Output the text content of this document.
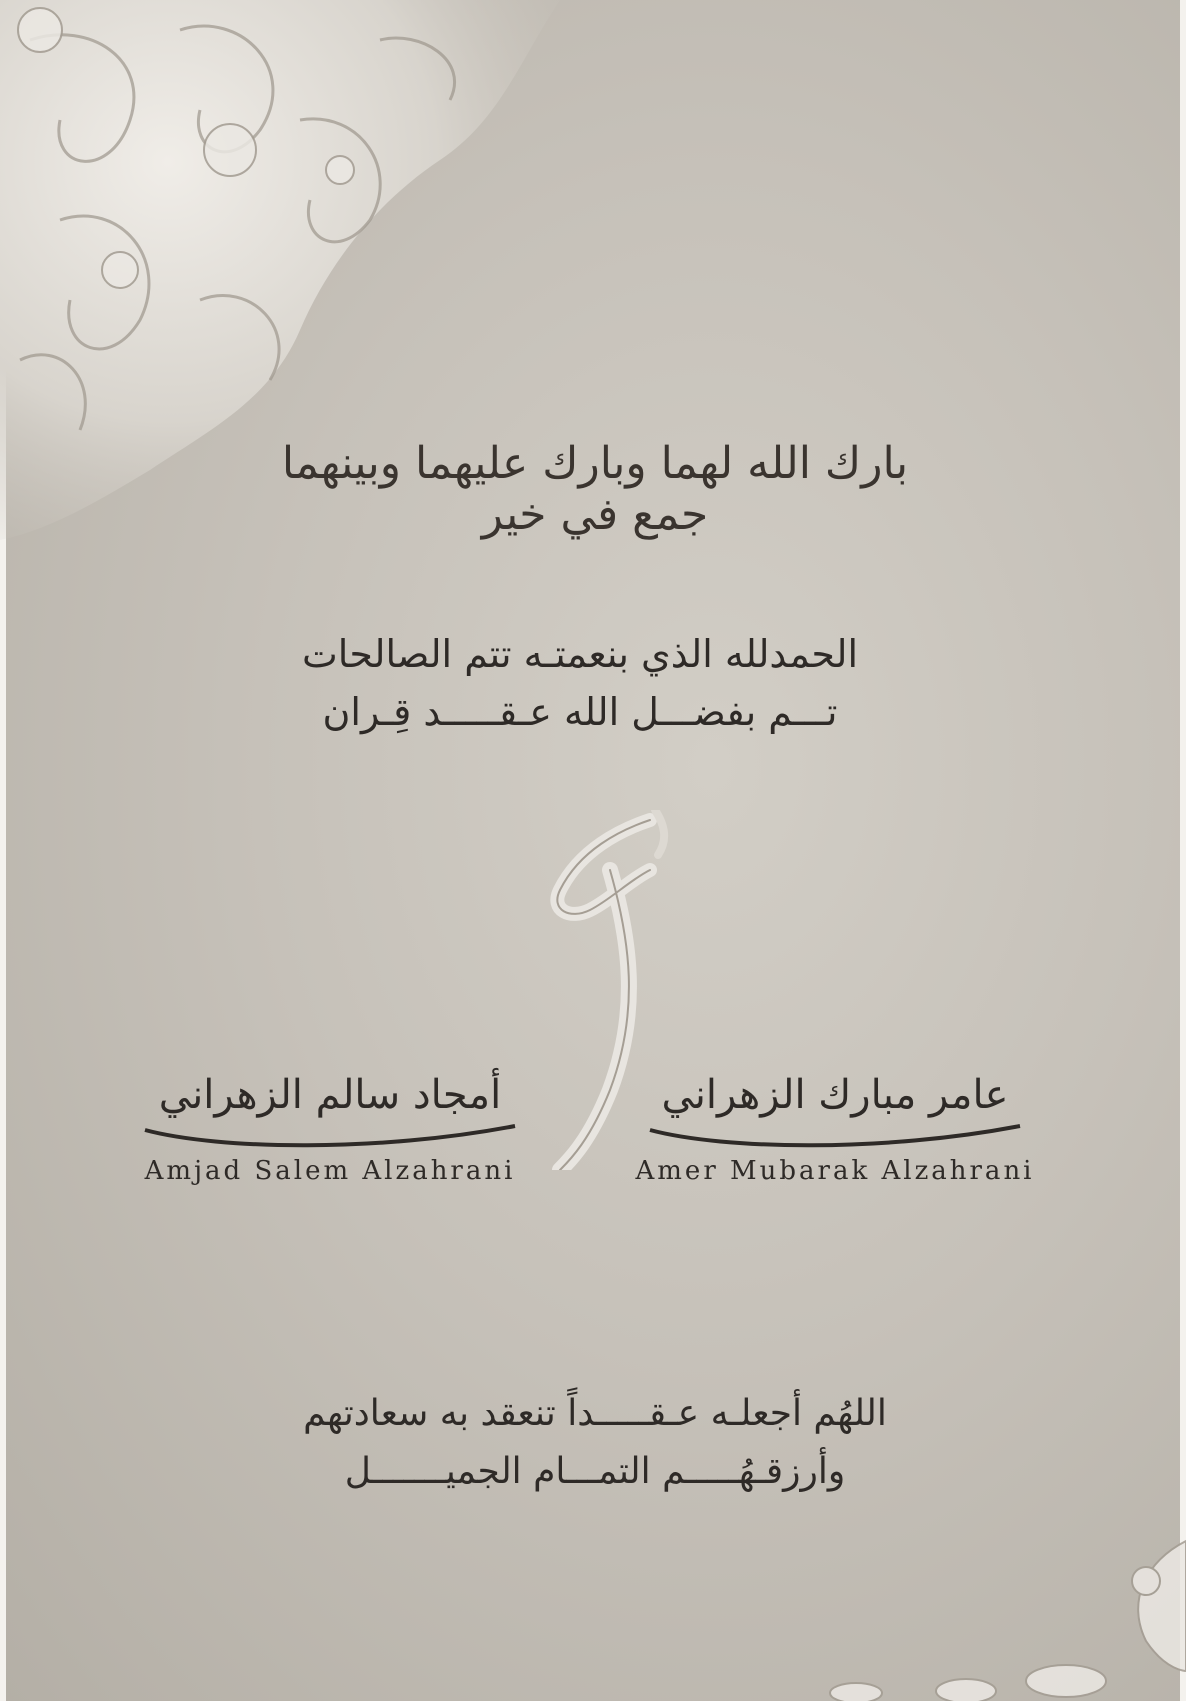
بارك الله لهما وبارك عليهما وبينهما جمع في خير
الحمدلله الذي بنعمتـه تتم الصالحات
تـــم بفضـــل الله عـقـــــد قِـران
أمجاد سالم الزهراني
Amjad Salem Alzahrani
عامر مبارك الزهراني
Amer Mubarak Alzahrani
اللهُم أجعلـه عـقـــــداً تنعقد به سعادتهم
وأرزقـهُـــــم التمـــام الجميـــــــل
